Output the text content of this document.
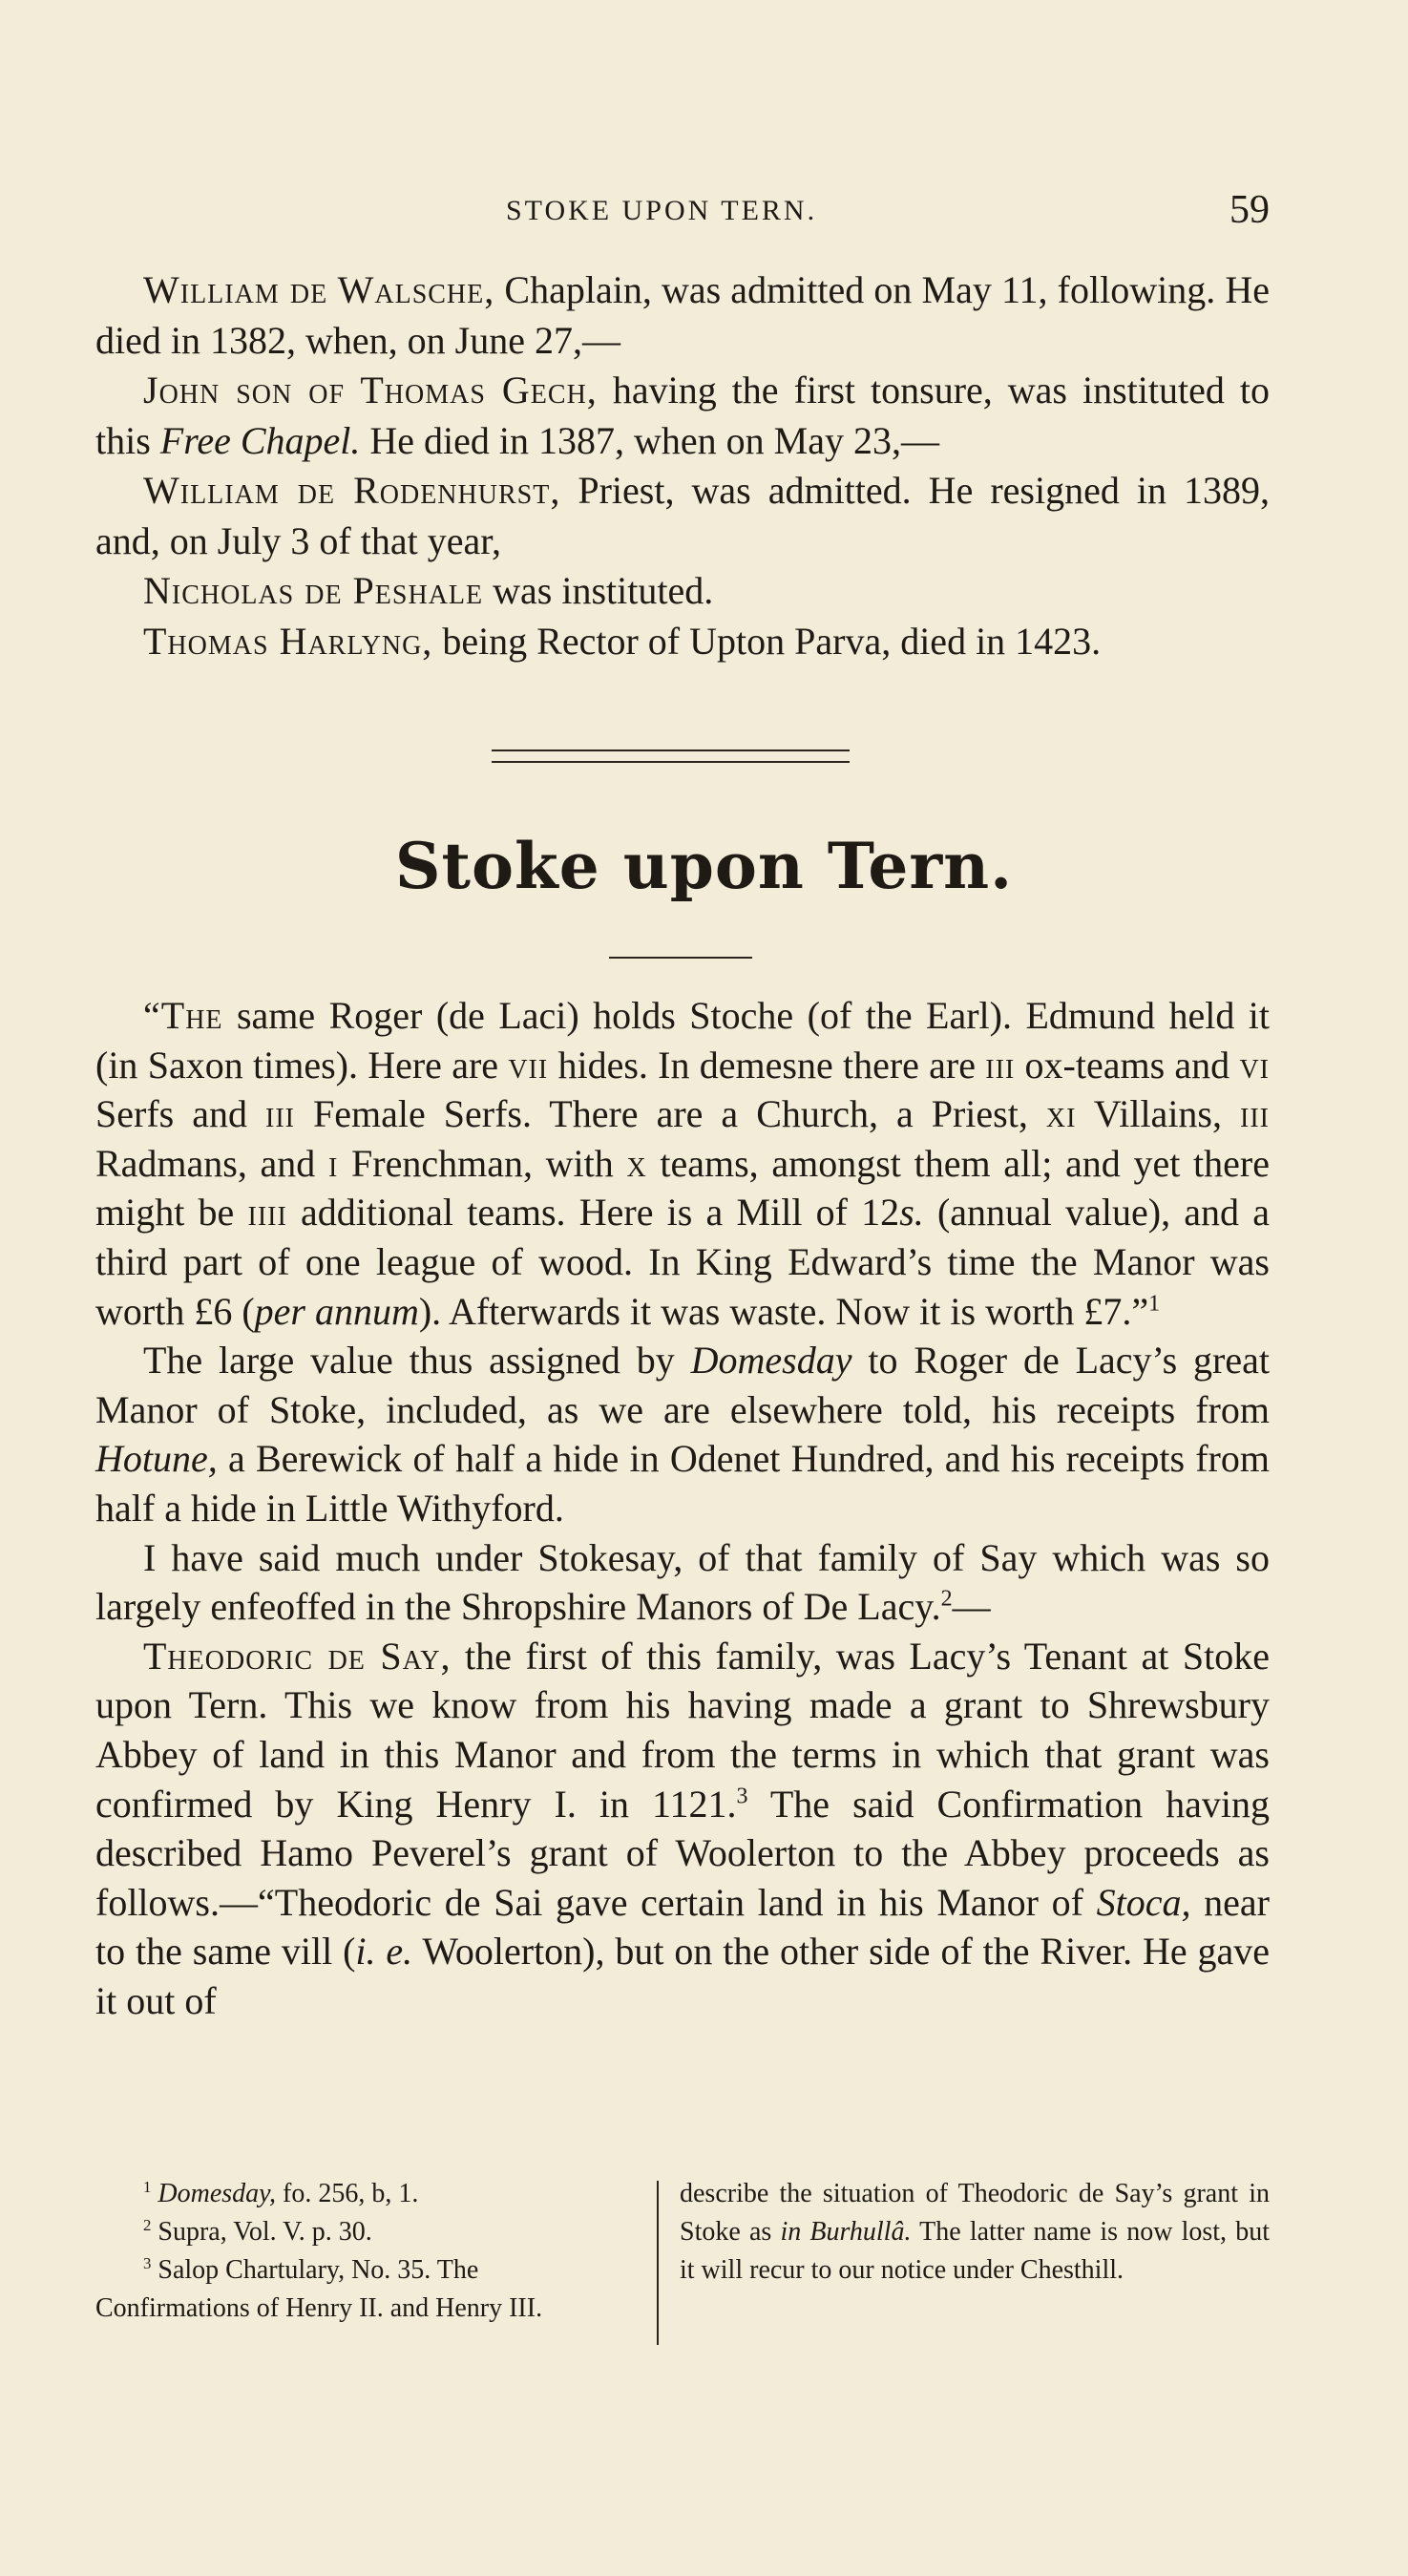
STOKE UPON TERN.	59

William de Walsche, Chaplain, was admitted on May 11, following. He died in 1382, when, on June 27,—

John son of Thomas Gech, having the first tonsure, was instituted to this Free Chapel. He died in 1387, when on May 23,—

William de Rodenhurst, Priest, was admitted. He resigned in 1389, and, on July 3 of that year,

Nicholas de Peshale was instituted.

Thomas Harlyng, being Rector of Upton Parva, died in 1423.

Stoke upon Tern.

“The same Roger (de Laci) holds Stoche (of the Earl). Edmund held it (in Saxon times). Here are vii hides. In demesne there are iii ox-teams and vi Serfs and iii Female Serfs. There are a Church, a Priest, xi Villains, iii Radmans, and i Frenchman, with x teams, amongst them all; and yet there might be iiii additional teams. Here is a Mill of 12s. (annual value), and a third part of one league of wood. In King Edward’s time the Manor was worth £6 (per annum). Afterwards it was waste. Now it is worth £7.”$^1$

The large value thus assigned by Domesday to Roger de Lacy’s great Manor of Stoke, included, as we are elsewhere told, his receipts from Hotune, a Berewick of half a hide in Odenet Hundred, and his receipts from half a hide in Little Withyford.

I have said much under Stokesay, of that family of Say which was so largely enfeoffed in the Shropshire Manors of De Lacy.$^2$—

Theodoric de Say, the first of this family, was Lacy’s Tenant at Stoke upon Tern. This we know from his having made a grant to Shrewsbury Abbey of land in this Manor and from the terms in which that grant was confirmed by King Henry I. in 1121.$^3$ The said Confirmation having described Hamo Peverel’s grant of Woolerton to the Abbey proceeds as follows.—“Theodoric de Sai gave certain land in his Manor of Stoca, near to the same vill (i. e. Woolerton), but on the other side of the River. He gave it out of

$^1$ Domesday, fo. 256, b, 1.

$^2$ Supra, Vol. V. p. 30.

$^3$ Salop Chartulary, No. 35. The Confirmations of Henry II. and Henry III.

describe the situation of Theodoric de Say’s grant in Stoke as in Burhullâ. The latter name is now lost, but it will recur to our notice under Chesthill.
